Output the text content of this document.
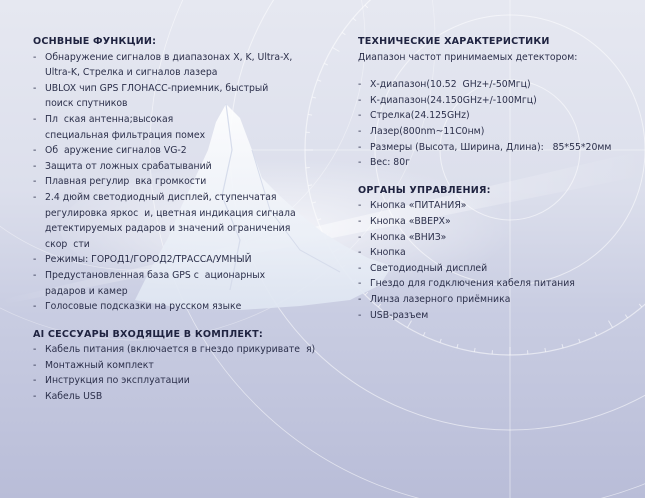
ОСНВНЫЕ ФУНКЦИИ:
- Обнаружение сигналов в диапазонах X, K, Ultra-X,
Ultra-K, Стрелка и сигналов лазера
- UBLOX чип GPS ГЛОНАСС-приемник, быстрый
поиск спутников
- Пл  ская антенна;высокая
специальная фильтрация помех
- Об  аружение сигналов VG-2
- Защита от ложных срабатываний
- Плавная регулир  вка громкости
- 2.4 дюйм светодиодный дисплей, ступенчатая
регулировка яркос  и, цветная индикация сигнала
детектируемых радаров и значений ограничения
скор  сти
- Режимы: ГОРОД1/ГОРОД2/ТРАССА/УМНЫЙ
- Предустановленная база GPS с  ационарных
радаров и камер
- Голосовые подсказки на русском языке
АI СЕССУАРЫ ВХОДЯЩИЕ В КОМПЛЕКТ:
- Кабель питания (включается в гнездо прикуривате  я)
- Монтажный комплект
- Инструкция по эксплуатации
- Кабель USB
ТЕХНИЧЕСКИЕ ХАРАКТЕРИСТИКИ
Диапазон частот принимаемых детектором:
- Х-диапазон(10.52  GHz+/-50Мгц)
- К-диапазон(24.150GHz+/-100Мгц)
- Стрелка(24.125GHz)
- Лазер(800nm~11С0нм)
- Размеры (Высота, Ширина, Длина):   85*55*20мм
- Вес: 80г
ОРГАНЫ УПРАВЛЕНИЯ:
- Кнопка «ПИТАНИЯ»
- Кнопка «ВВЕРХ»
- Кнопка «ВНИЗ»
- Кнопка
- Светодиодный дисплей
- Гнездо для годключения кабеля питания
- Линза лазерного приёмника
- USB-разъем
